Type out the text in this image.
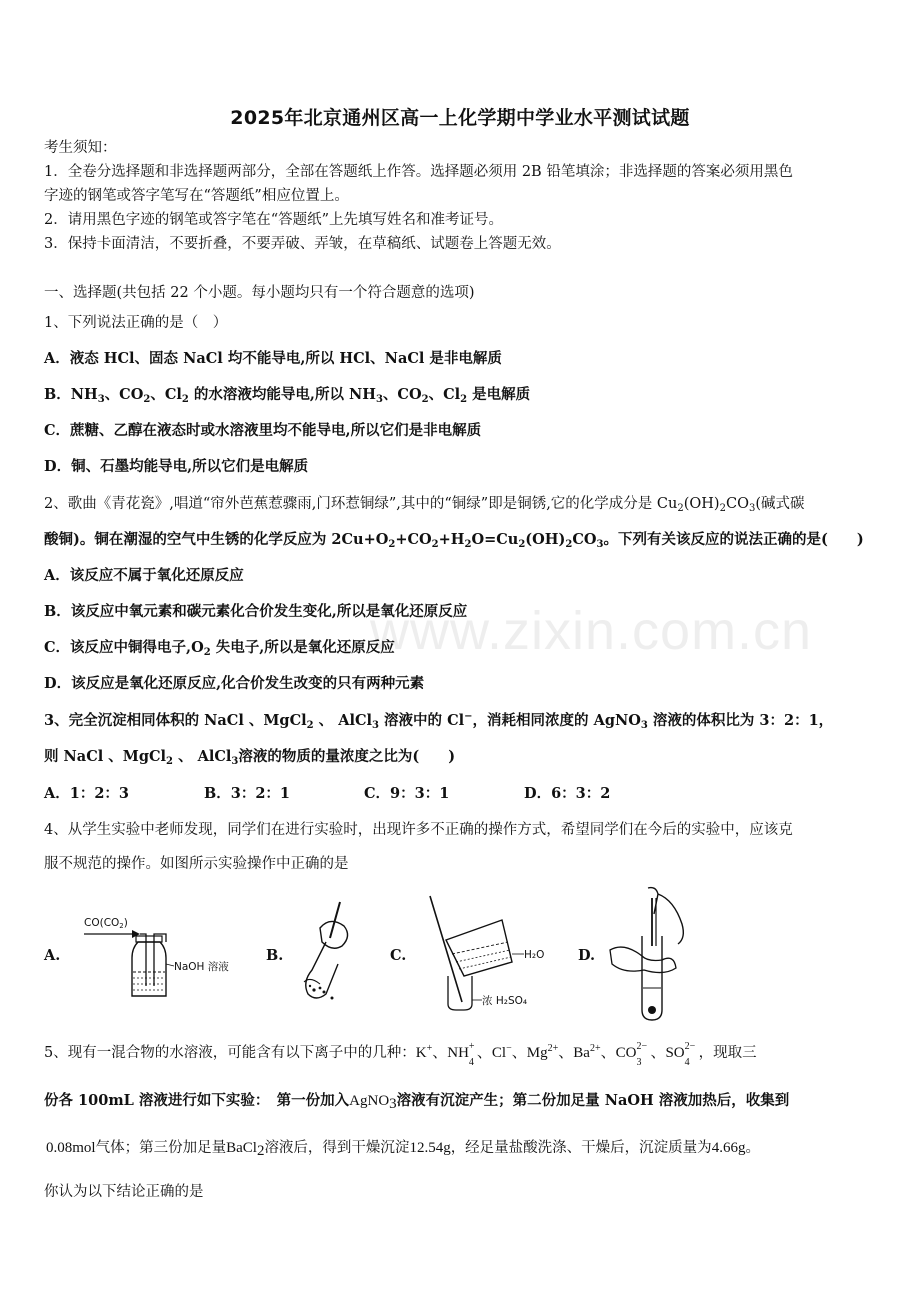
2025年北京通州区高一上化学期中学业水平测试试题
考生须知：
1．全卷分选择题和非选择题两部分，全部在答题纸上作答。选择题必须用 2B 铅笔填涂；非选择题的答案必须用黑色
字迹的钢笔或答字笔写在“答题纸”相应位置上。
2．请用黑色字迹的钢笔或答字笔在“答题纸”上先填写姓名和准考证号。
3．保持卡面清洁，不要折叠，不要弄破、弄皱，在草稿纸、试题卷上答题无效。
一、选择题(共包括 22 个小题。每小题均只有一个符合题意的选项)
www.zixin.com.cn
1、下列说法正确的是（　）
A．液态 HCl、固态 NaCl 均不能导电,所以 HCl、NaCl 是非电解质
B．$NH_3$、$CO_2$、$Cl_2$ 的水溶液均能导电,所以 $NH_3$、$CO_2$、$Cl_2$ 是电解质
C．蔗糖、乙醇在液态时或水溶液里均不能导电,所以它们是非电解质
D．铜、石墨均能导电,所以它们是电解质
2、歌曲《青花瓷》,唱道“帘外芭蕉惹骤雨,门环惹铜绿”,其中的“铜绿”即是铜锈,它的化学成分是 $Cu_2(OH)_2CO_3$(碱式碳
酸铜)。铜在潮湿的空气中生锈的化学反应为 $2Cu+O_2+CO_2+H_2O=Cu_2(OH)_2CO_3$。下列有关该反应的说法正确的是(　　)
A．该反应不属于氧化还原反应
B．该反应中氧元素和碳元素化合价发生变化,所以是氧化还原反应
C．该反应中铜得电子$,O_2$ 失电子,所以是氧化还原反应
D．该反应是氧化还原反应,化合价发生改变的只有两种元素
3、完全沉淀相同体积的 NaCl 、MgCl$_2$ 、 AlCl$_3$ 溶液中的 Cl−，消耗相同浓度的 AgNO$_3$ 溶液的体积比为 3：2：1，
则 NaCl 、MgCl$_2$ 、 AlCl$_3$溶液的物质的量浓度之比为(　　)
A．1：2：3	B．3：2：1	C．9：3：1	D．6：3：2
4、从学生实验中老师发现，同学们在进行实验时，出现许多不正确的操作方式，希望同学们在今后的实验中，应该克
服不规范的操作。如图所示实验操作中正确的是
A.	B.	C.	D.
CO(CO2)
NaOH 溶液
H₂O
浓 H₂SO₄
5、现有一混合物的水溶液，可能含有以下离子中的几种：K+、NH +
4
、Cl−、$Mg^{2+}$、$Ba^{2+}$、CO 2−
3
、SO 2−
4
，现取三
份各 100mL 溶液进行如下实验：　第一份加入AgNO$_3$溶液有沉淀产生；第二份加足量 NaOH 溶液加热后，收集到
0.08mol气体；第三份加足量BaCl$_2$溶液后，得到干燥沉淀12.54g，经足量盐酸洗涤、干燥后，沉淀质量为4.66g。
你认为以下结论正确的是
